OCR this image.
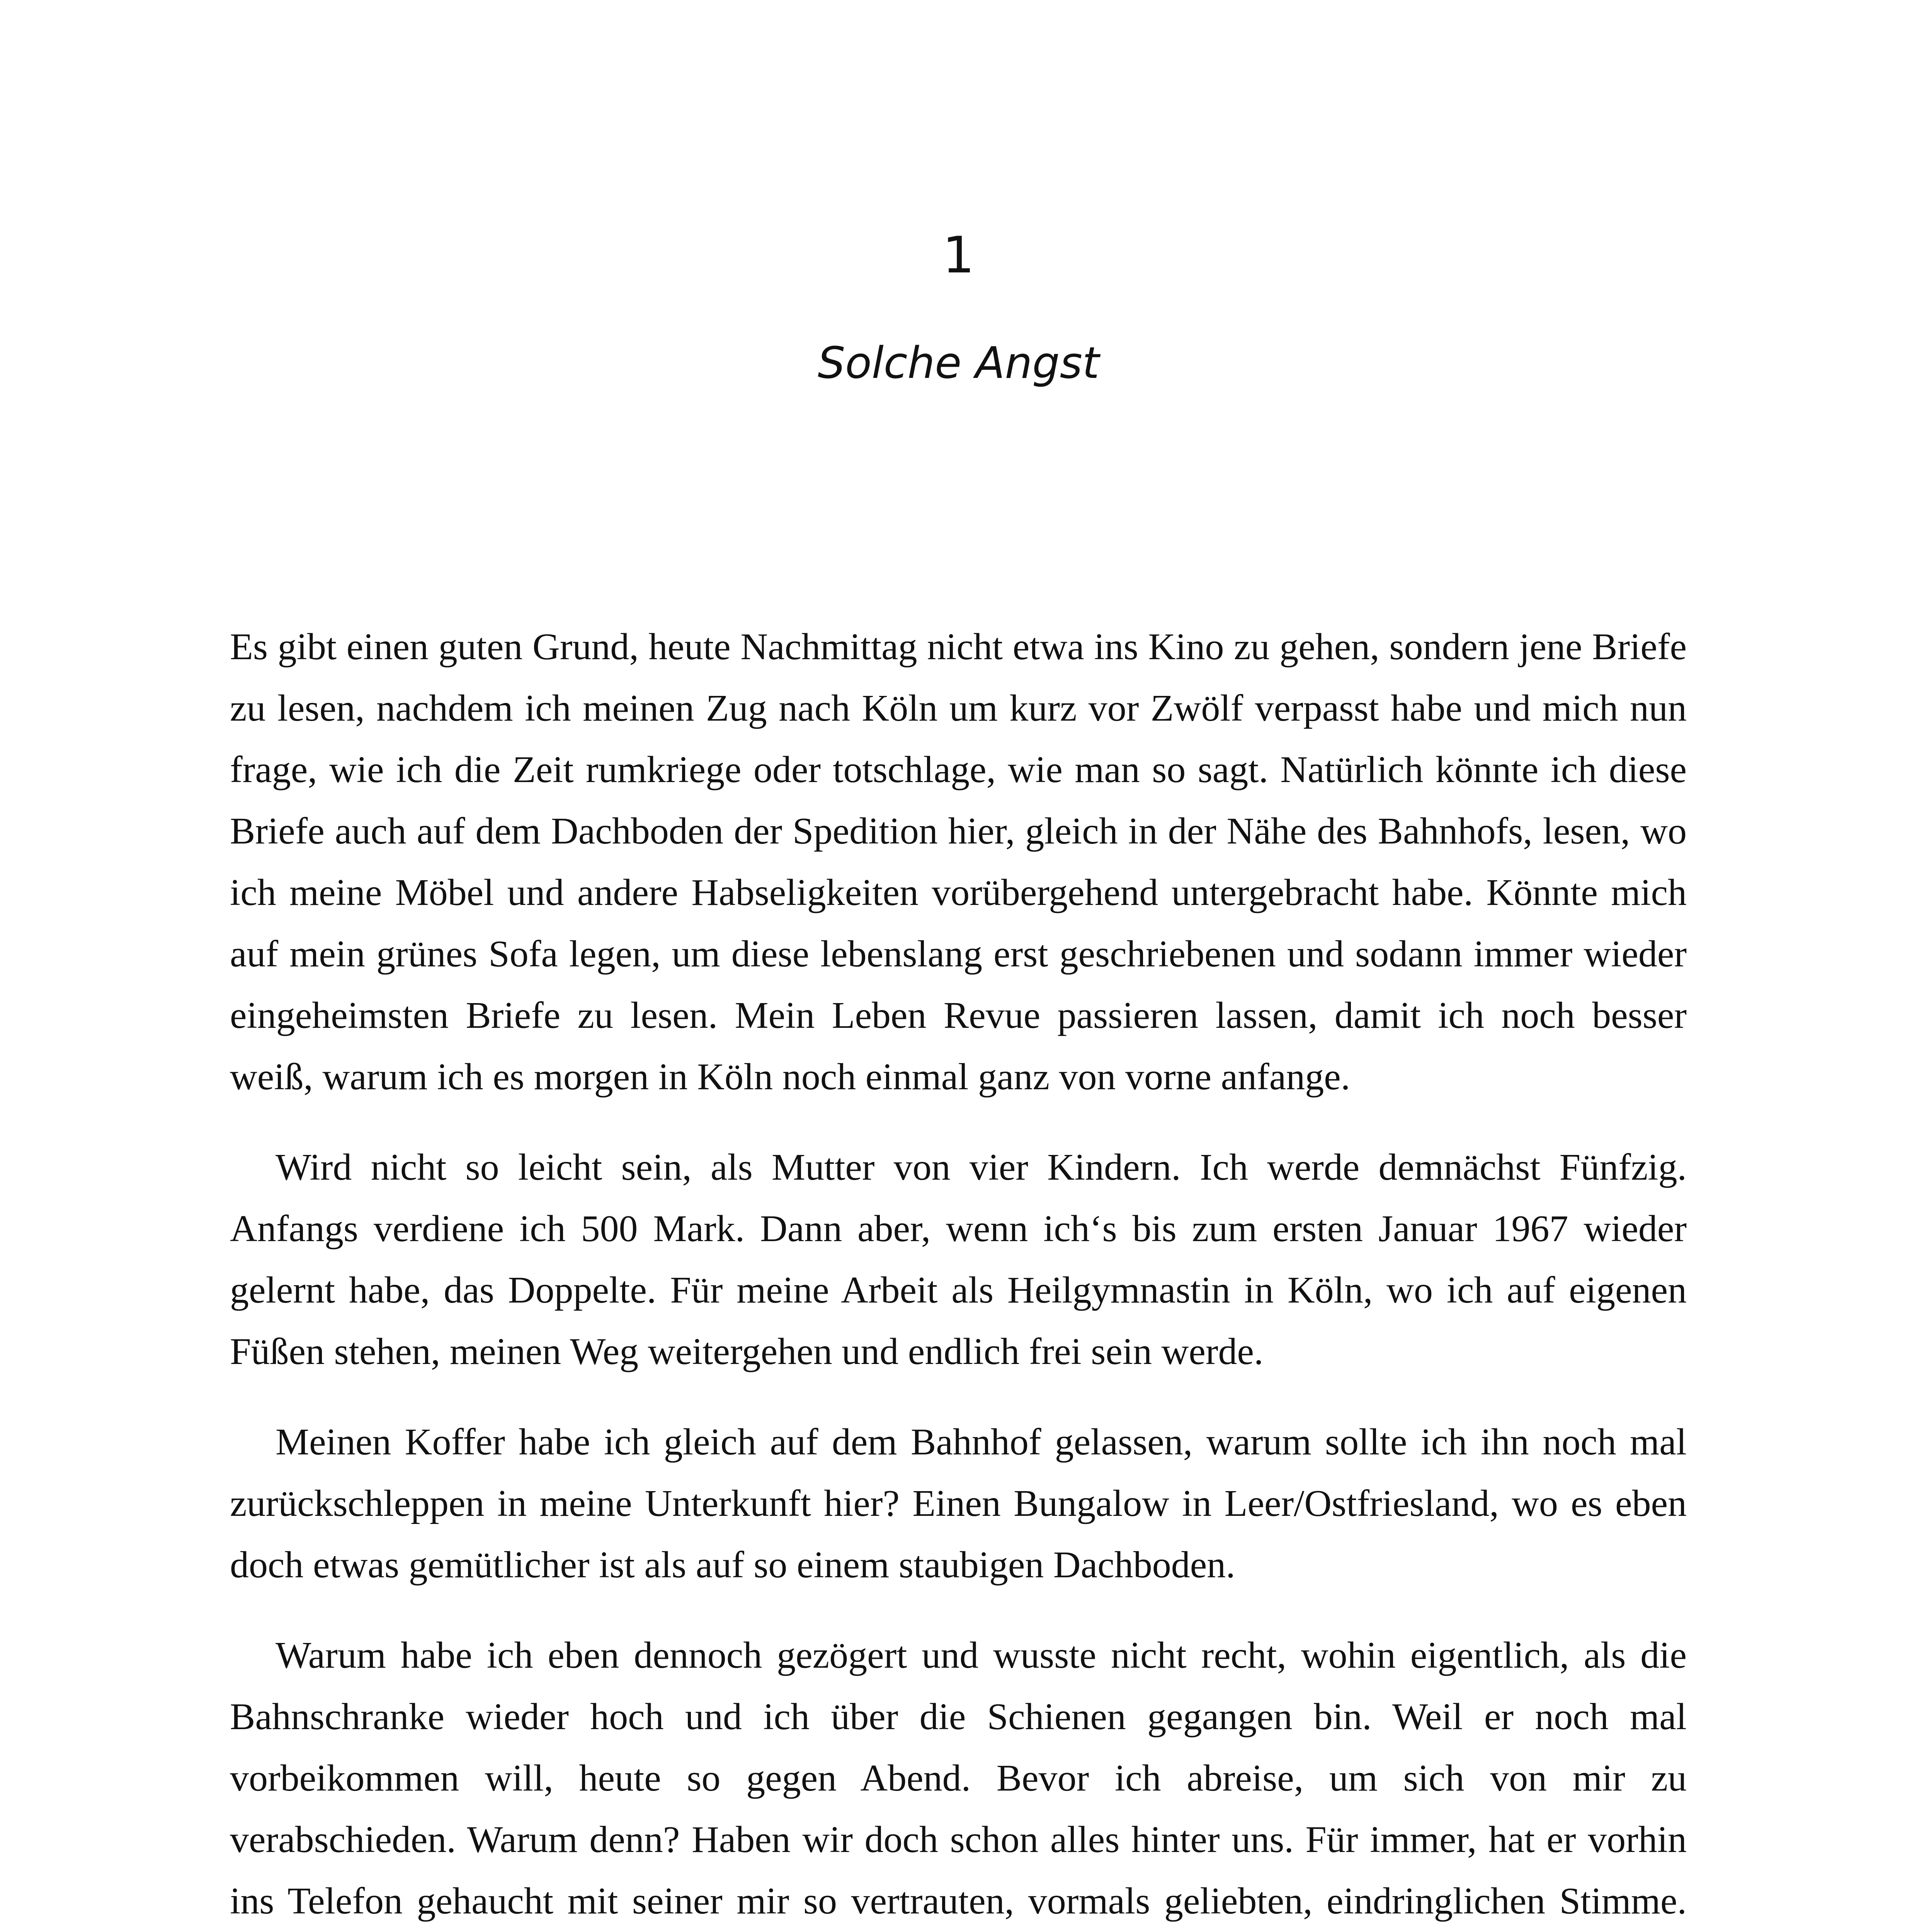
1
Solche Angst

Es gibt einen guten Grund, heute Nachmittag nicht etwa ins Kino zu gehen, sondern jene Briefe zu lesen, nachdem ich meinen Zug nach Köln um kurz vor Zwölf verpasst habe und mich nun frage, wie ich die Zeit rumkriege oder totschlage, wie man so sagt. Natürlich könnte ich diese Briefe auch auf dem Dachboden der Spedition hier, gleich in der Nähe des Bahnhofs, lesen, wo ich meine Möbel und andere Habseligkeiten vorübergehend untergebracht habe. Könnte mich auf mein grünes Sofa legen, um diese lebenslang erst geschriebenen und sodann immer wieder eingeheimsten Briefe zu lesen. Mein Leben Revue passieren lassen, damit ich noch besser weiß, warum ich es morgen in Köln noch einmal ganz von vorne anfange.

Wird nicht so leicht sein, als Mutter von vier Kindern. Ich werde demnächst Fünfzig. Anfangs verdiene ich 500 Mark. Dann aber, wenn ich‘s bis zum ersten Januar 1967 wieder gelernt habe, das Doppelte. Für meine Arbeit als Heilgymnastin in Köln, wo ich auf eigenen Füßen stehen, meinen Weg weitergehen und endlich frei sein werde.

Meinen Koffer habe ich gleich auf dem Bahnhof gelassen, warum sollte ich ihn noch mal zurückschleppen in meine Unterkunft hier? Einen Bungalow in Leer/Ostfriesland, wo es eben doch etwas gemütlicher ist als auf so einem staubigen Dachboden.

Warum habe ich eben dennoch gezögert und wusste nicht recht, wohin eigentlich, als die Bahnschranke wieder hoch und ich über die Schienen gegangen bin. Weil er noch mal vorbeikommen will, heute so gegen Abend. Bevor ich abreise, um sich von mir zu verabschieden. Warum denn? Haben wir doch schon alles hinter uns. Für immer, hat er vorhin ins Telefon gehaucht mit seiner mir so vertrauten, vormals geliebten, eindringlichen Stimme.
